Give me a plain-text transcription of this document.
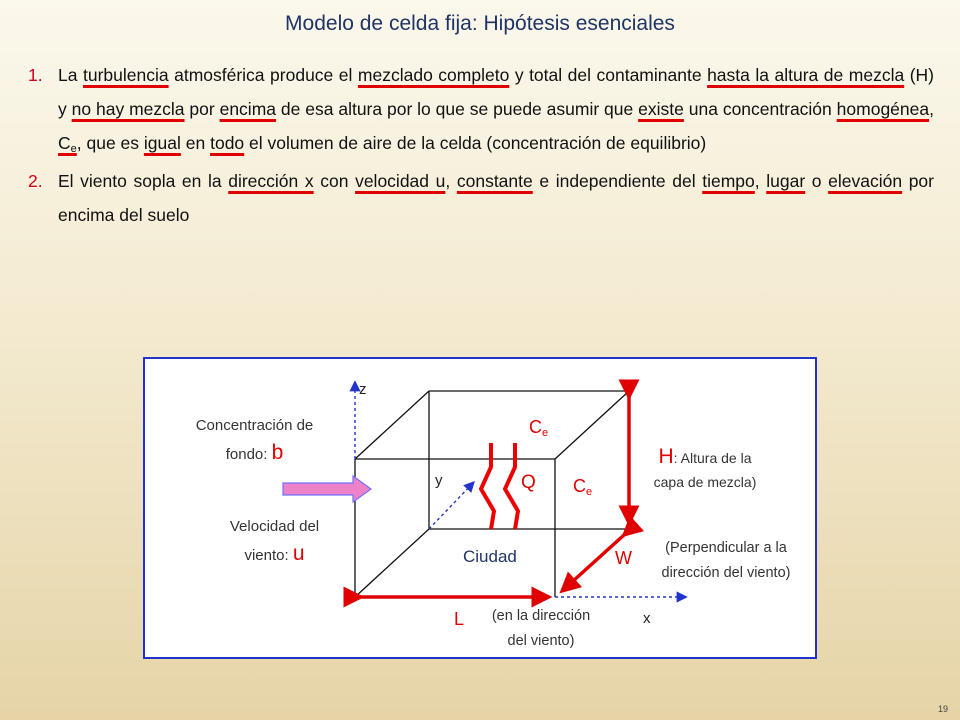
Modelo de celda fija: Hipótesis esenciales
1. La turbulencia atmosférica produce el mezclado completo y total del contaminante hasta la altura de mezcla (H) y no hay mezcla por encima de esa altura por lo que se puede asumir que existe una concentración homogénea, $C_e$, que es igual en todo el volumen de aire de la celda (concentración de equilibrio)
2. El viento sopla en la dirección x con velocidad u, constante e independiente del tiempo, lugar o elevación por encima del suelo
z
y
x
Concentración de
fondo: b
Velocidad del
viento: u
$C_e$
$C_e$
Q
Ciudad
H: Altura de la
capa de mezcla)
W	(Perpendicular a la
dirección del viento)
L	(en la dirección
del viento)
19
